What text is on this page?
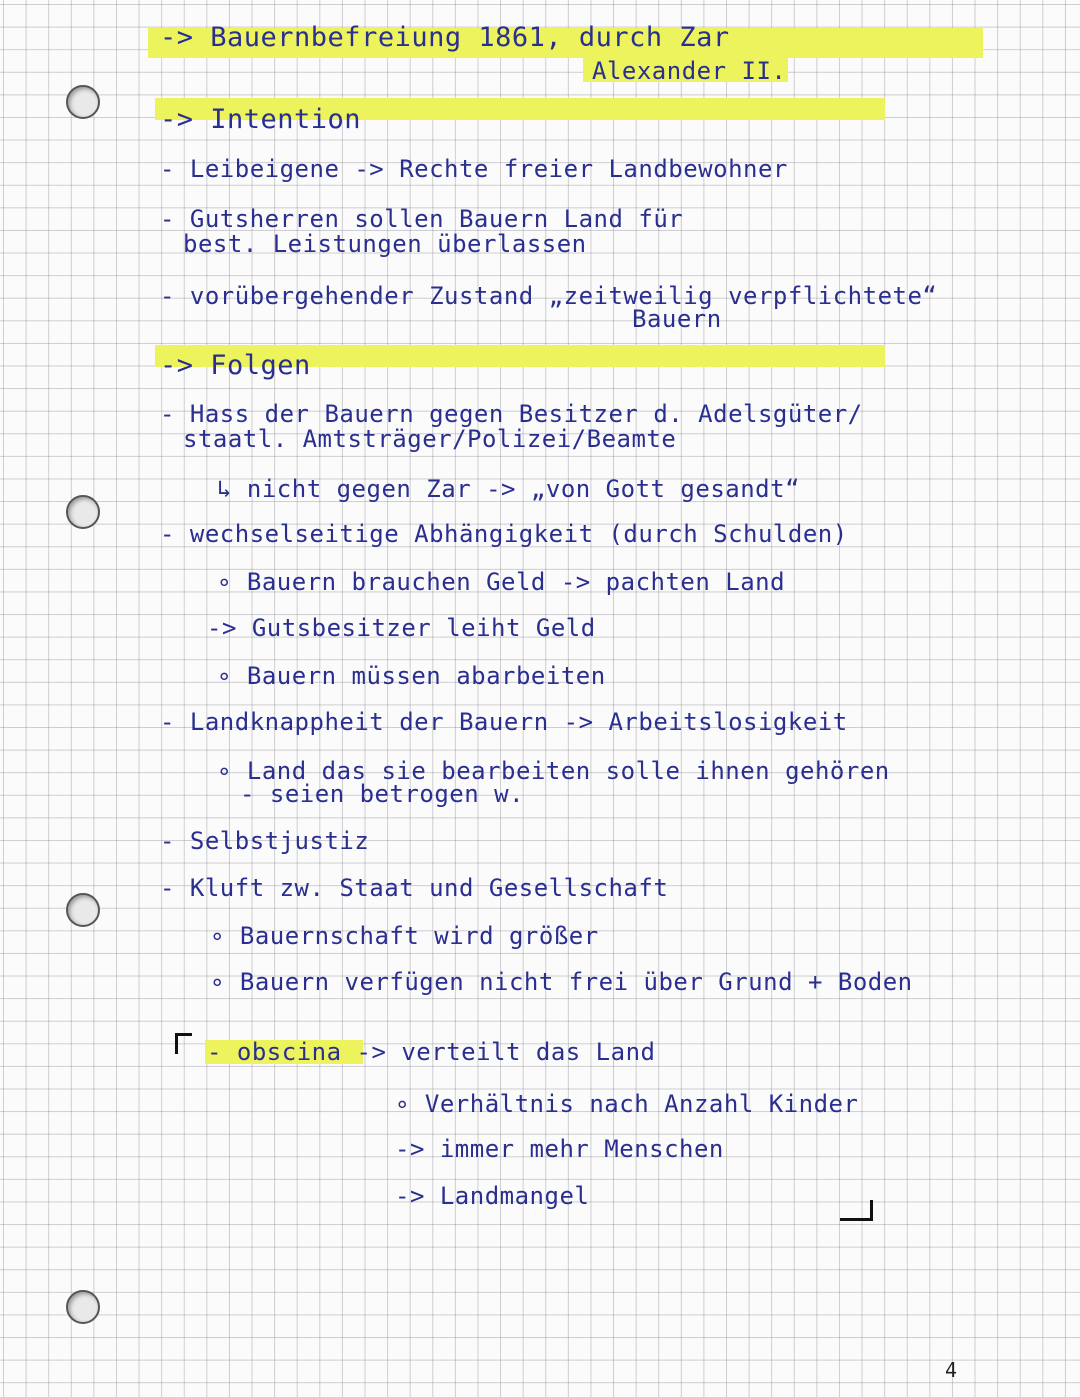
-> Bauernbefreiung 1861, durch Zar
Alexander II.
-> Intention
- Leibeigene -> Rechte freier Landbewohner
- Gutsherren sollen Bauern Land für
best. Leistungen überlassen
- vorübergehender Zustand „zeitweilig verpflichtete“
Bauern
-> Folgen
- Hass der Bauern gegen Besitzer d. Adelsgüter/
staatl. Amtsträger/Polizei/Beamte
↳ nicht gegen Zar -> „von Gott gesandt“
- wechselseitige Abhängigkeit (durch Schulden)
∘ Bauern brauchen Geld -> pachten Land
-> Gutsbesitzer leiht Geld
∘ Bauern müssen abarbeiten
- Landknappheit der Bauern -> Arbeitslosigkeit
∘ Land das sie bearbeiten solle ihnen gehören
- seien betrogen w.
- Selbstjustiz
- Kluft zw. Staat und Gesellschaft
∘ Bauernschaft wird größer
∘ Bauern verfügen nicht frei über Grund + Boden
- obscina -> verteilt das Land
∘ Verhältnis nach Anzahl Kinder
-> immer mehr Menschen
-> Landmangel
4
